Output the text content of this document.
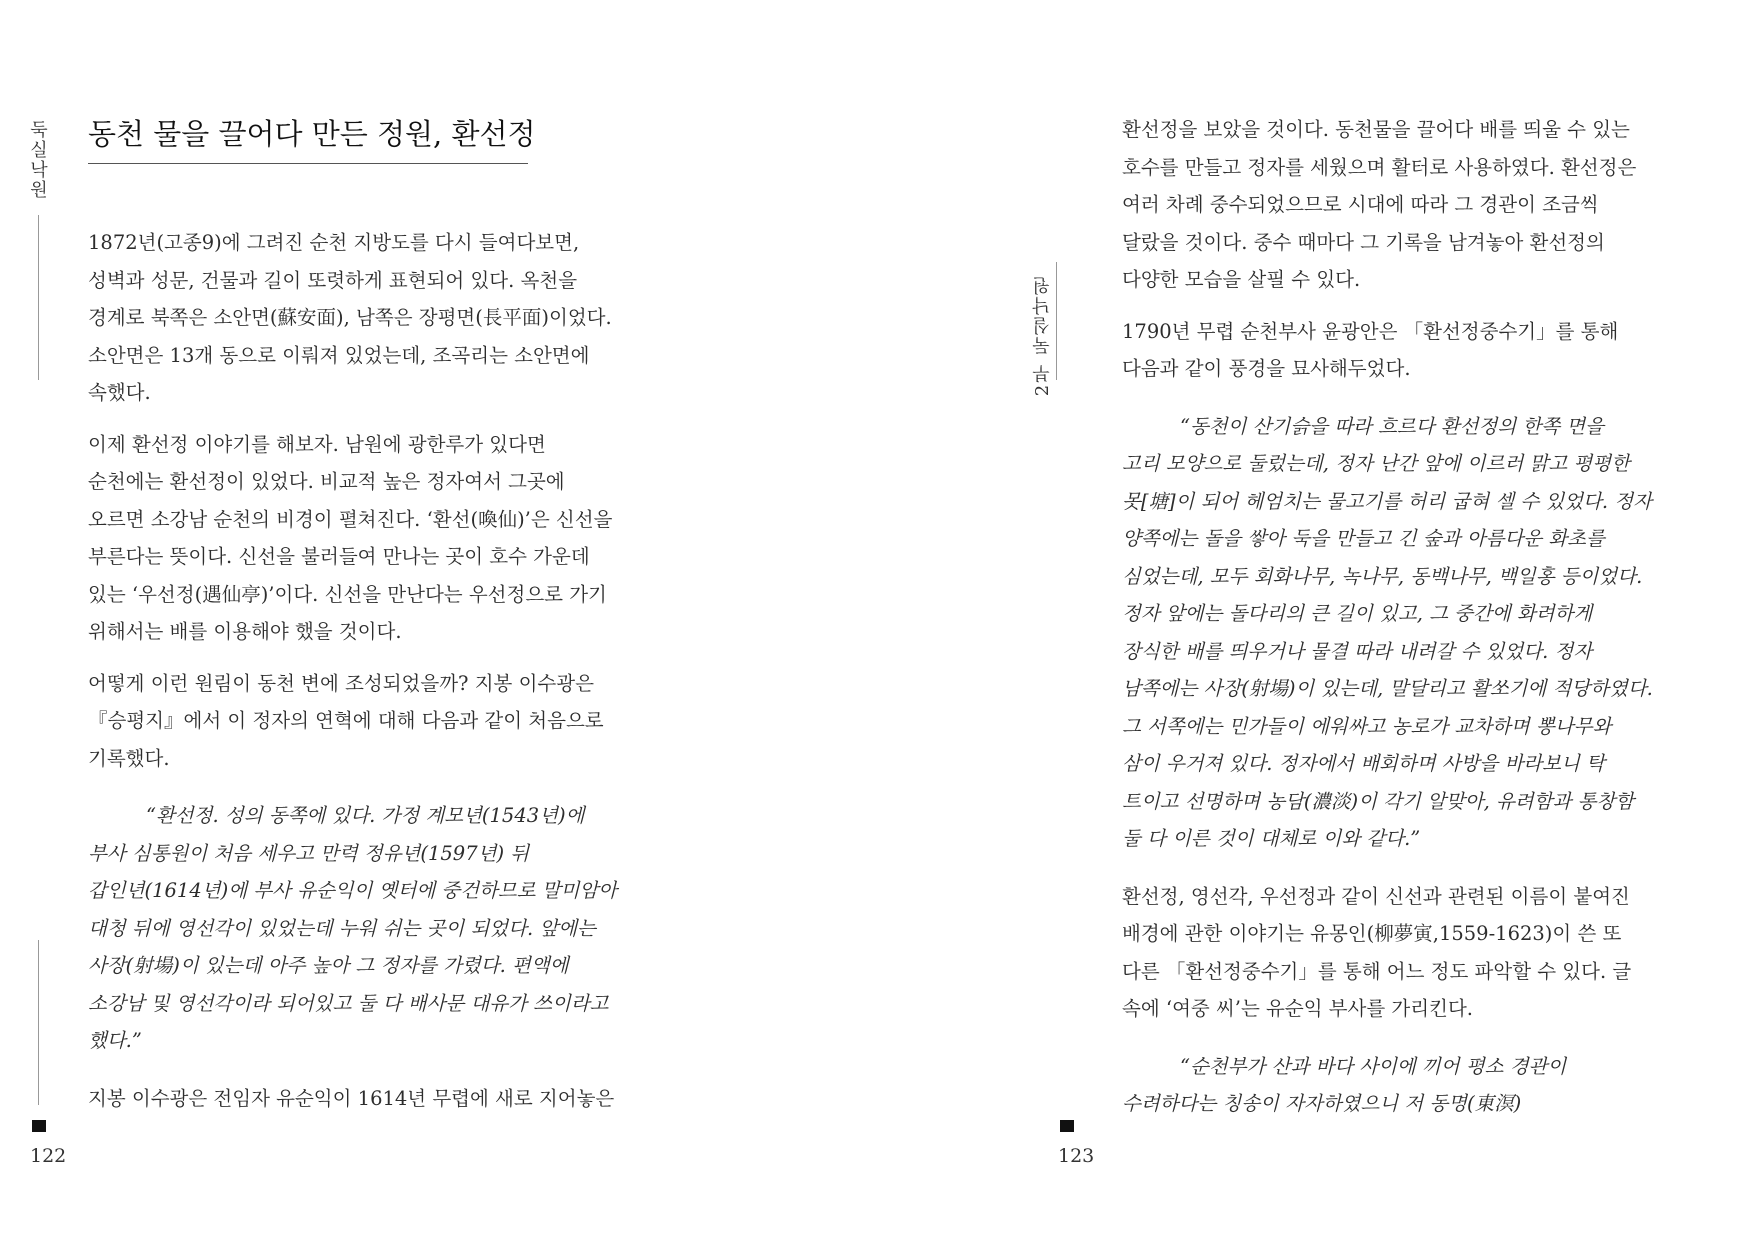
둑실낙원 동천 물을 끌어다 만든 정원, 환선정

1872년(고종9)에 그려진 순천 지방도를 다시 들여다보면,
성벽과 성문, 건물과 길이 또렷하게 표현되어 있다. 옥천을
경계로 북쪽은 소안면(蘇安面), 남쪽은 장평면(長平面)이었다.
소안면은 13개 동으로 이뤄져 있었는데, 조곡리는 소안면에
속했다.

이제 환선정 이야기를 해보자. 남원에 광한루가 있다면
순천에는 환선정이 있었다. 비교적 높은 정자여서 그곳에
오르면 소강남 순천의 비경이 펼쳐진다. ‘환선(喚仙)’은 신선을
부른다는 뜻이다. 신선을 불러들여 만나는 곳이 호수 가운데
있는 ‘우선정(遇仙亭)’이다. 신선을 만난다는 우선정으로 가기
위해서는 배를 이용해야 했을 것이다.

어떻게 이런 원림이 동천 변에 조성되었을까? 지봉 이수광은
『승평지』에서 이 정자의 연혁에 대해 다음과 같이 처음으로
기록했다.

“환선정. 성의 동쪽에 있다. 가정 계모년(1543년)에
부사 심통원이 처음 세우고 만력 정유년(1597년) 뒤
갑인년(1614년)에 부사 유순익이 옛터에 중건하므로 말미암아
대청 뒤에 영선각이 있었는데 누워 쉬는 곳이 되었다. 앞에는
사장(射場)이 있는데 아주 높아 그 정자를 가렸다. 편액에
소강남 및 영선각이라 되어있고 둘 다 배사문 대유가 쓰이라고
했다.”

지봉 이수광은 전임자 유순익이 1614년 무렵에 새로 지어놓은

122
2부 둑실낙원
123

환선정을 보았을 것이다. 동천물을 끌어다 배를 띄울 수 있는
호수를 만들고 정자를 세웠으며 활터로 사용하였다. 환선정은
여러 차례 중수되었으므로 시대에 따라 그 경관이 조금씩
달랐을 것이다. 중수 때마다 그 기록을 남겨놓아 환선정의
다양한 모습을 살필 수 있다.

1790년 무렵 순천부사 윤광안은 「환선정중수기」를 통해
다음과 같이 풍경을 묘사해두었다.

“동천이 산기슭을 따라 흐르다 환선정의 한쪽 면을
고리 모양으로 둘렀는데, 정자 난간 앞에 이르러 맑고 평평한
못[塘]이 되어 헤엄치는 물고기를 허리 굽혀 셀 수 있었다. 정자
양쪽에는 돌을 쌓아 둑을 만들고 긴 숲과 아름다운 화초를
심었는데, 모두 회화나무, 녹나무, 동백나무, 백일홍 등이었다.
정자 앞에는 돌다리의 큰 길이 있고, 그 중간에 화려하게
장식한 배를 띄우거나 물결 따라 내려갈 수 있었다. 정자
남쪽에는 사장(射場)이 있는데, 말달리고 활쏘기에 적당하였다.
그 서쪽에는 민가들이 에워싸고 농로가 교차하며 뽕나무와
삼이 우거져 있다. 정자에서 배회하며 사방을 바라보니 탁
트이고 선명하며 농담(濃淡)이 각기 알맞아, 유려함과 통창함
둘 다 이른 것이 대체로 이와 같다.”

환선정, 영선각, 우선정과 같이 신선과 관련된 이름이 붙여진
배경에 관한 이야기는 유몽인(柳夢寅,1559-1623)이 쓴 또
다른 「환선정중수기」를 통해 어느 정도 파악할 수 있다. 글
속에 ‘여중 씨’는 유순익 부사를 가리킨다.

“순천부가 산과 바다 사이에 끼어 평소 경관이
수려하다는 칭송이 자자하였으니 저 동명(東溟)
